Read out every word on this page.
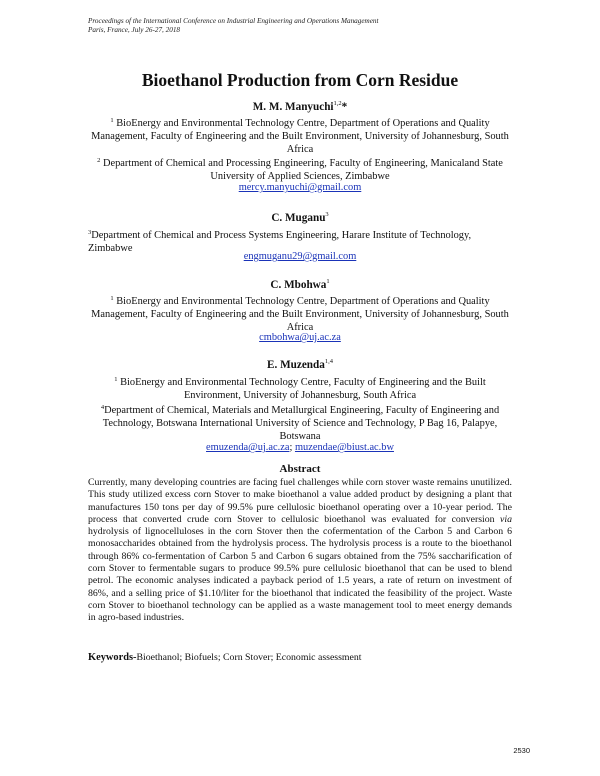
Proceedings of the International Conference on Industrial Engineering and Operations Management
Paris, France, July 26-27, 2018
Bioethanol Production from Corn Residue
M. M. Manyuchi$^{1,2}$*
$^1$ BioEnergy and Environmental Technology Centre, Department of Operations and Quality Management, Faculty of Engineering and the Built Environment, University of Johannesburg, South Africa
$^2$ Department of Chemical and Processing Engineering, Faculty of Engineering, Manicaland State University of Applied Sciences, Zimbabwe
mercy.manyuchi@gmail.com
C. Muganu$^3$
$^3$Department of Chemical and Process Systems Engineering, Harare Institute of Technology, Zimbabwe
engmuganu29@gmail.com
C. Mbohwa$^1$
$^1$ BioEnergy and Environmental Technology Centre, Department of Operations and Quality Management, Faculty of Engineering and the Built Environment, University of Johannesburg, South Africa
cmbohwa@uj.ac.za
E. Muzenda$^{1,4}$
$^1$ BioEnergy and Environmental Technology Centre, Faculty of Engineering and the Built Environment, University of Johannesburg, South Africa
$^4$Department of Chemical, Materials and Metallurgical Engineering, Faculty of Engineering and Technology, Botswana International University of Science and Technology, P Bag 16, Palapye, Botswana
emuzenda@uj.ac.za; muzendae@biust.ac.bw
Abstract
Currently, many developing countries are facing fuel challenges while corn stover waste remains unutilized. This study utilized excess corn Stover to make bioethanol a value added product by designing a plant that manufactures 150 tons per day of 99.5% pure cellulosic bioethanol operating over a 10-year period. The process that converted crude corn Stover to cellulosic bioethanol was evaluated for conversion via hydrolysis of lignocelluloses in the corn Stover then the cofermentation of the Carbon 5 and Carbon 6 monosaccharides obtained from the hydrolysis process. The hydrolysis process is a route to the bioethanol through 86% co-fermentation of Carbon 5 and Carbon 6 sugars obtained from the 75% saccharification of corn Stover to fermentable sugars to produce 99.5% pure cellulosic bioethanol that can be used to blend petrol. The economic analyses indicated a payback period of 1.5 years, a rate of return on investment of 86%, and a selling price of $1.10/liter for the bioethanol that indicated the feasibility of the project. Waste corn Stover to bioethanol technology can be applied as a waste management tool to meet energy demands in agro-based industries.
Keywords-Bioethanol; Biofuels; Corn Stover; Economic assessment
2530
